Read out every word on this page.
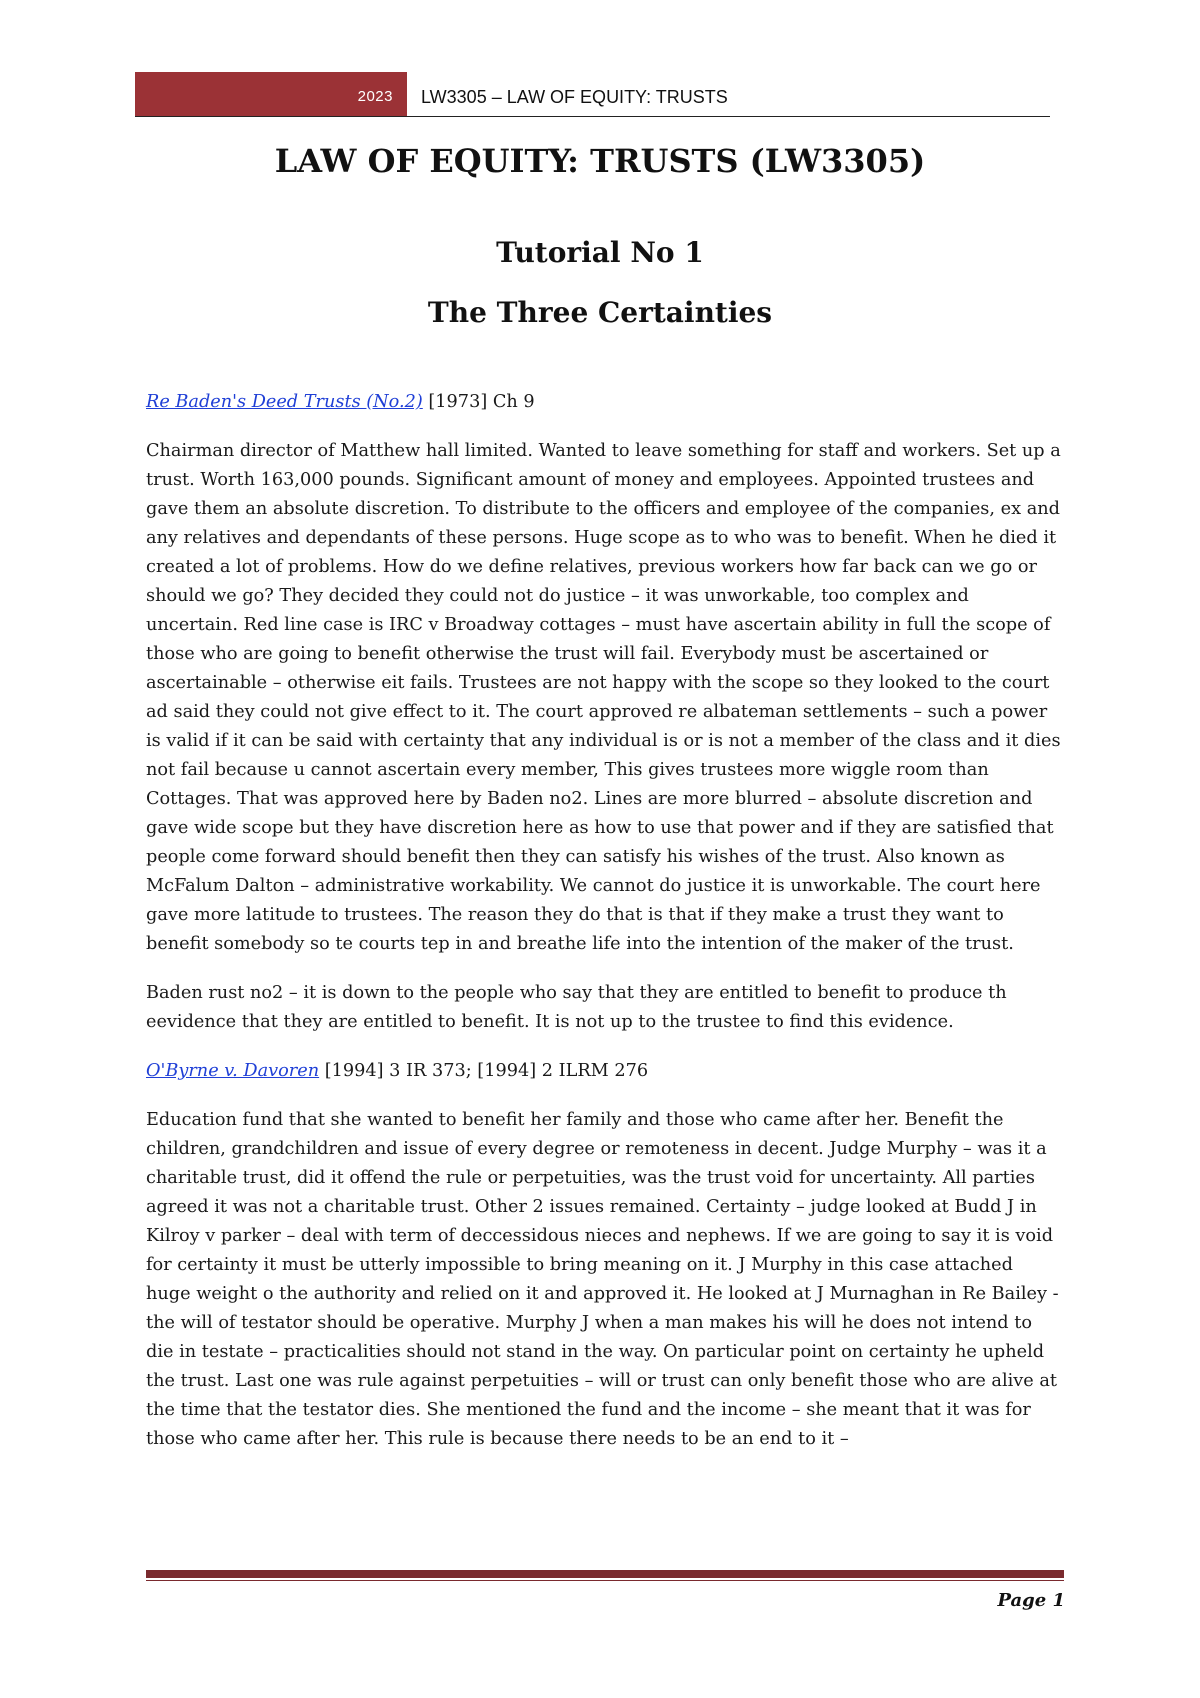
2023	LW3305 – LAW OF EQUITY: TRUSTS
LAW OF EQUITY: TRUSTS (LW3305)
Tutorial No 1
The Three Certainties
Re Baden's Deed Trusts (No.2) [1973] Ch 9

Chairman director of Matthew hall limited. Wanted to leave something for staff and workers. Set up a trust. Worth 163,000 pounds. Significant amount of money and employees. Appointed trustees and gave them an absolute discretion. To distribute to the officers and employee of the companies, ex and any relatives and dependants of these persons. Huge scope as to who was to benefit. When he died it created a lot of problems. How do we define relatives, previous workers how far back can we go or should we go? They decided they could not do justice – it was unworkable, too complex and uncertain. Red line case is IRC v Broadway cottages – must have ascertain ability in full the scope of those who are going to benefit otherwise the trust will fail. Everybody must be ascertained or ascertainable – otherwise eit fails. Trustees are not happy with the scope so they looked to the court ad said they could not give effect to it. The court approved re albateman settlements – such a power is valid if it can be said with certainty that any individual is or is not a member of the class and it dies not fail because u cannot ascertain every member, This gives trustees more wiggle room than Cottages. That was approved here by Baden no2. Lines are more blurred – absolute discretion and gave wide scope but they have discretion here as how to use that power and if they are satisfied that people come forward should benefit then they can satisfy his wishes of the trust. Also known as McFalum Dalton – administrative workability. We cannot do justice it is unworkable. The court here gave more latitude to trustees. The reason they do that is that if they make a trust they want to benefit somebody so te courts tep in and breathe life into the intention of the maker of the trust.

Baden rust no2 – it is down to the people who say that they are entitled to benefit to produce th eevidence that they are entitled to benefit. It is not up to the trustee to find this evidence.

O'Byrne v. Davoren [1994] 3 IR 373; [1994] 2 ILRM 276

Education fund that she wanted to benefit her family and those who came after her. Benefit the children, grandchildren and issue of every degree or remoteness in decent. Judge Murphy – was it a charitable trust, did it offend the rule or perpetuities, was the trust void for uncertainty. All parties agreed it was not a charitable trust. Other 2 issues remained. Certainty – judge looked at Budd J in Kilroy v parker – deal with term of deccessidous nieces and nephews. If we are going to say it is void for certainty it must be utterly impossible to bring meaning on it. J Murphy in this case attached huge weight o the authority and relied on it and approved it. He looked at J Murnaghan in Re Bailey - the will of testator should be operative. Murphy J when a man makes his will he does not intend to die in testate – practicalities should not stand in the way. On particular point on certainty he upheld the trust. Last one was rule against perpetuities – will or trust can only benefit those who are alive at the time that the testator dies. She mentioned the fund and the income – she meant that it was for those who came after her. This rule is because there needs to be an end to it –

Page 1
